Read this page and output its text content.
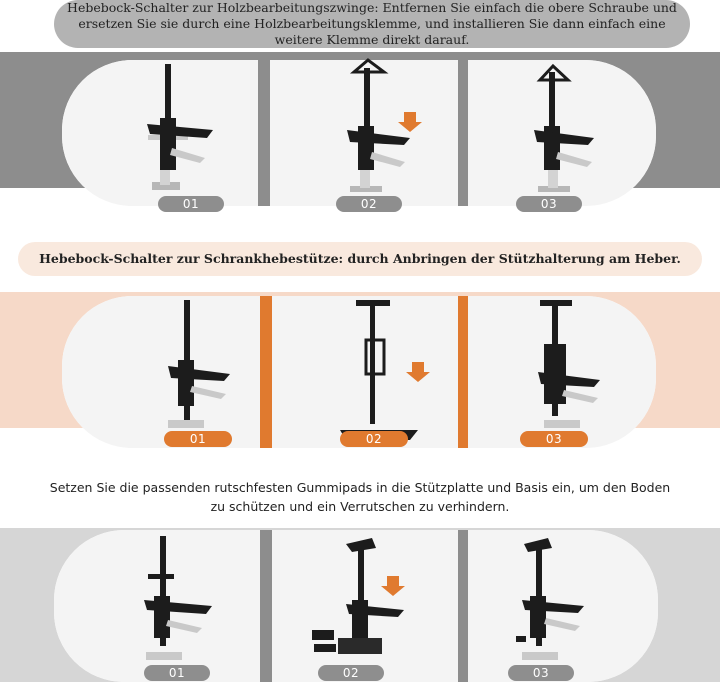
Hebebock-Schalter zur Holzbearbeitungszwinge: Entfernen Sie einfach die obere Schraube und ersetzen Sie sie durch eine Holzbearbeitungsklemme, und installieren Sie dann einfach eine weitere Klemme direkt darauf.
01	02	03
Hebebock-Schalter zur Schrankhebestütze: durch Anbringen der Stützhalterung am Heber.
01	02	03
Setzen Sie die passenden rutschfesten Gummipads in die Stützplatte und Basis ein, um den Boden
zu schützen und ein Verrutschen zu verhindern.
01	02	03
